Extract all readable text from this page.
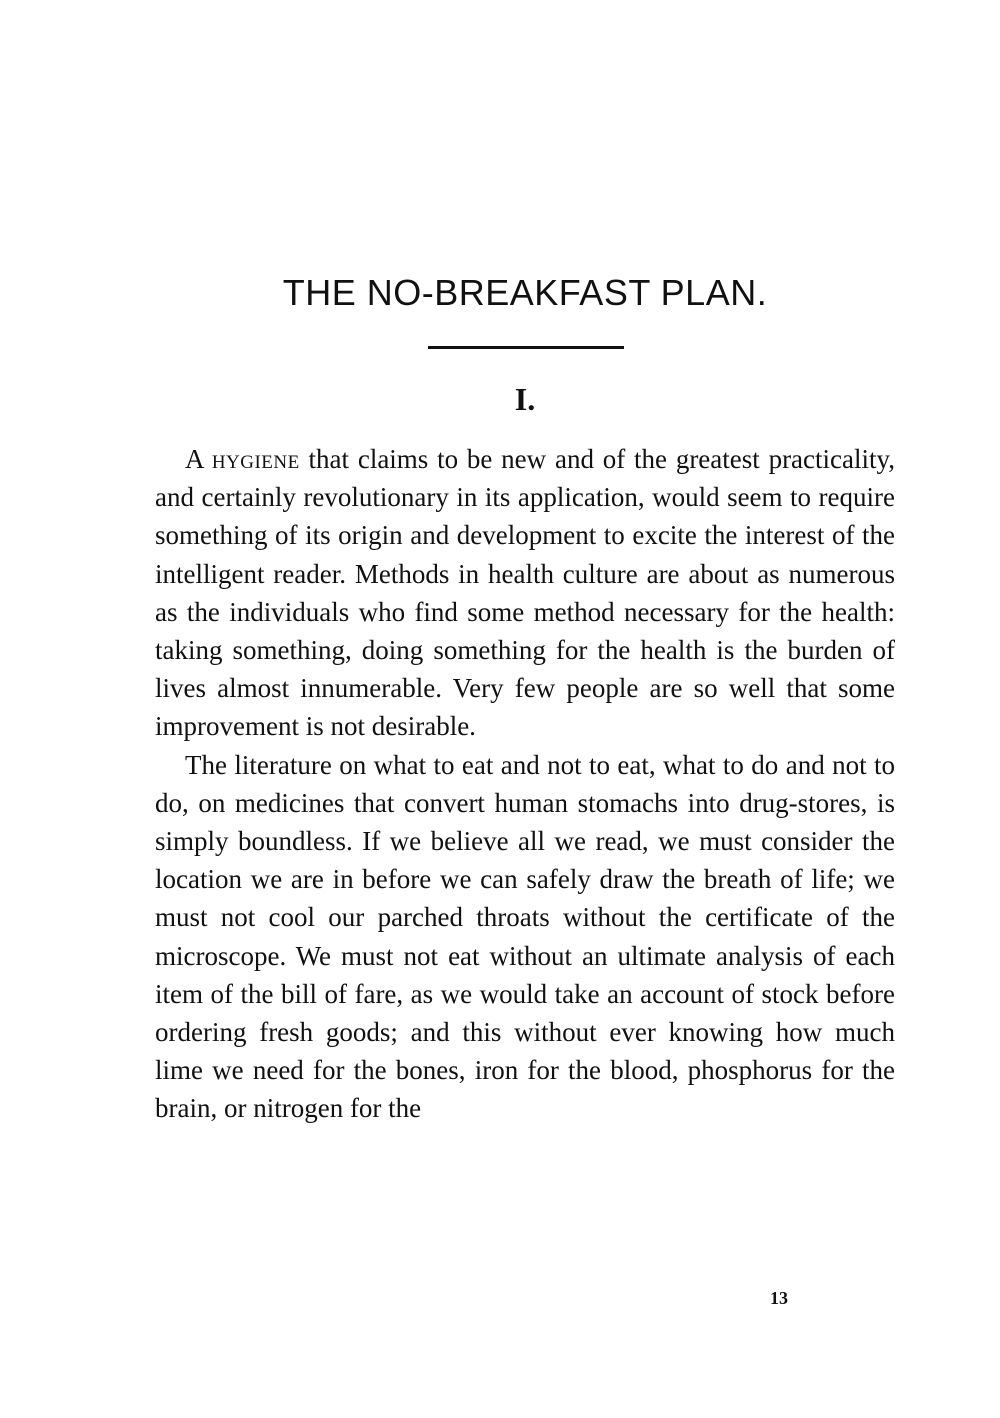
THE NO-BREAKFAST PLAN.
I.

A hygiene that claims to be new and of the greatest practicality, and certainly revolutionary in its application, would seem to require something of its origin and development to excite the interest of the intelligent reader. Methods in health culture are about as numerous as the individuals who find some method necessary for the health: taking something, doing something for the health is the burden of lives almost innumerable. Very few people are so well that some improvement is not desirable.

The literature on what to eat and not to eat, what to do and not to do, on medicines that convert human stomachs into drug-stores, is simply boundless. If we believe all we read, we must consider the location we are in before we can safely draw the breath of life; we must not cool our parched throats without the certificate of the microscope. We must not eat without an ultimate analysis of each item of the bill of fare, as we would take an account of stock before ordering fresh goods; and this without ever knowing how much lime we need for the bones, iron for the blood, phosphorus for the brain, or nitrogen for the

13
